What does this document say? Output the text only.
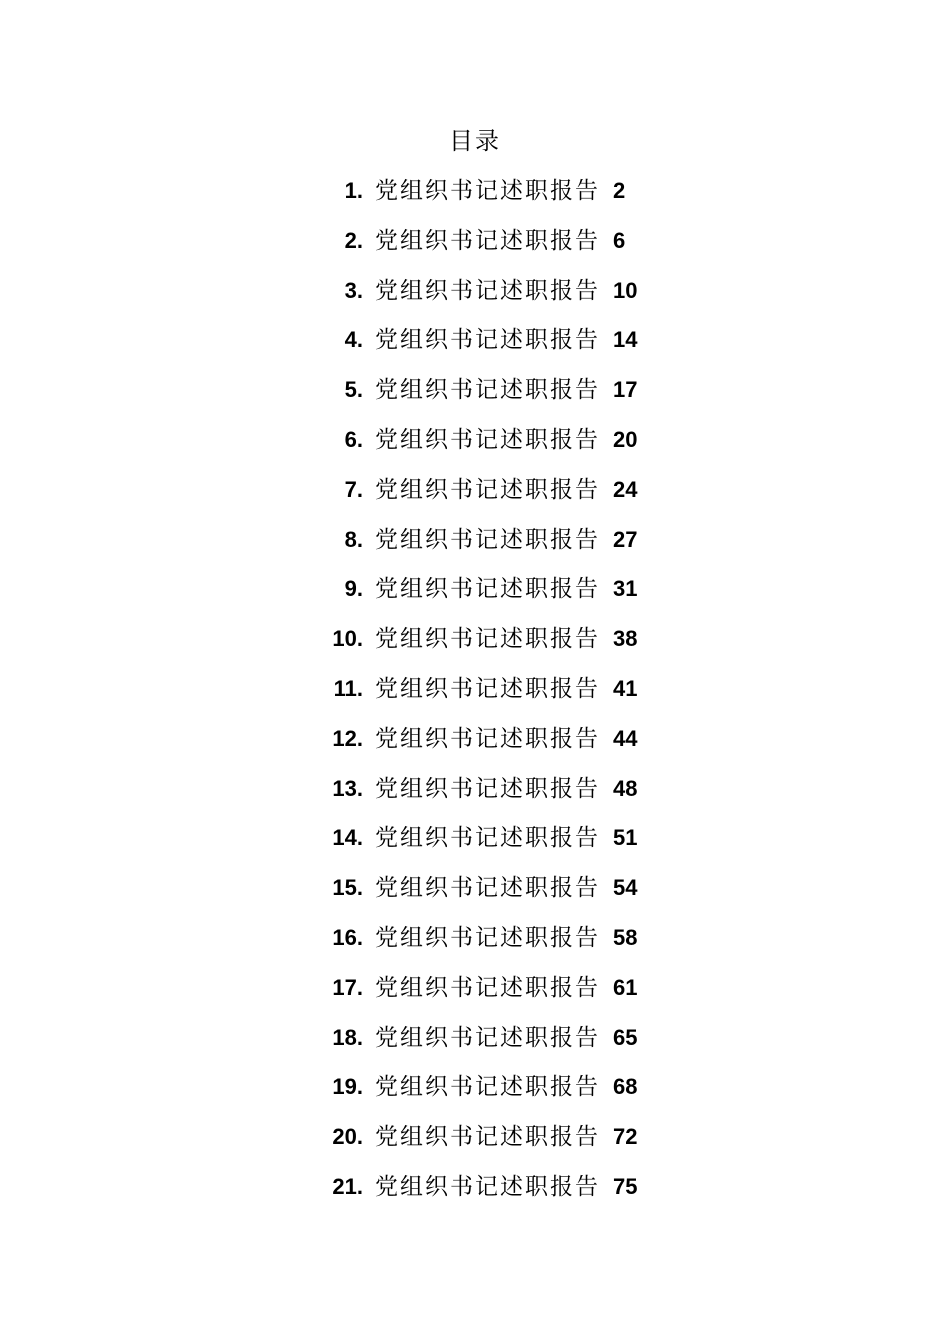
目录
1. 党组织书记述职报告 2
2. 党组织书记述职报告 6
3. 党组织书记述职报告 10
4. 党组织书记述职报告 14
5. 党组织书记述职报告 17
6. 党组织书记述职报告 20
7. 党组织书记述职报告 24
8. 党组织书记述职报告 27
9. 党组织书记述职报告 31
10. 党组织书记述职报告 38
11. 党组织书记述职报告 41
12. 党组织书记述职报告 44
13. 党组织书记述职报告 48
14. 党组织书记述职报告 51
15. 党组织书记述职报告 54
16. 党组织书记述职报告 58
17. 党组织书记述职报告 61
18. 党组织书记述职报告 65
19. 党组织书记述职报告 68
20. 党组织书记述职报告 72
21. 党组织书记述职报告 75
